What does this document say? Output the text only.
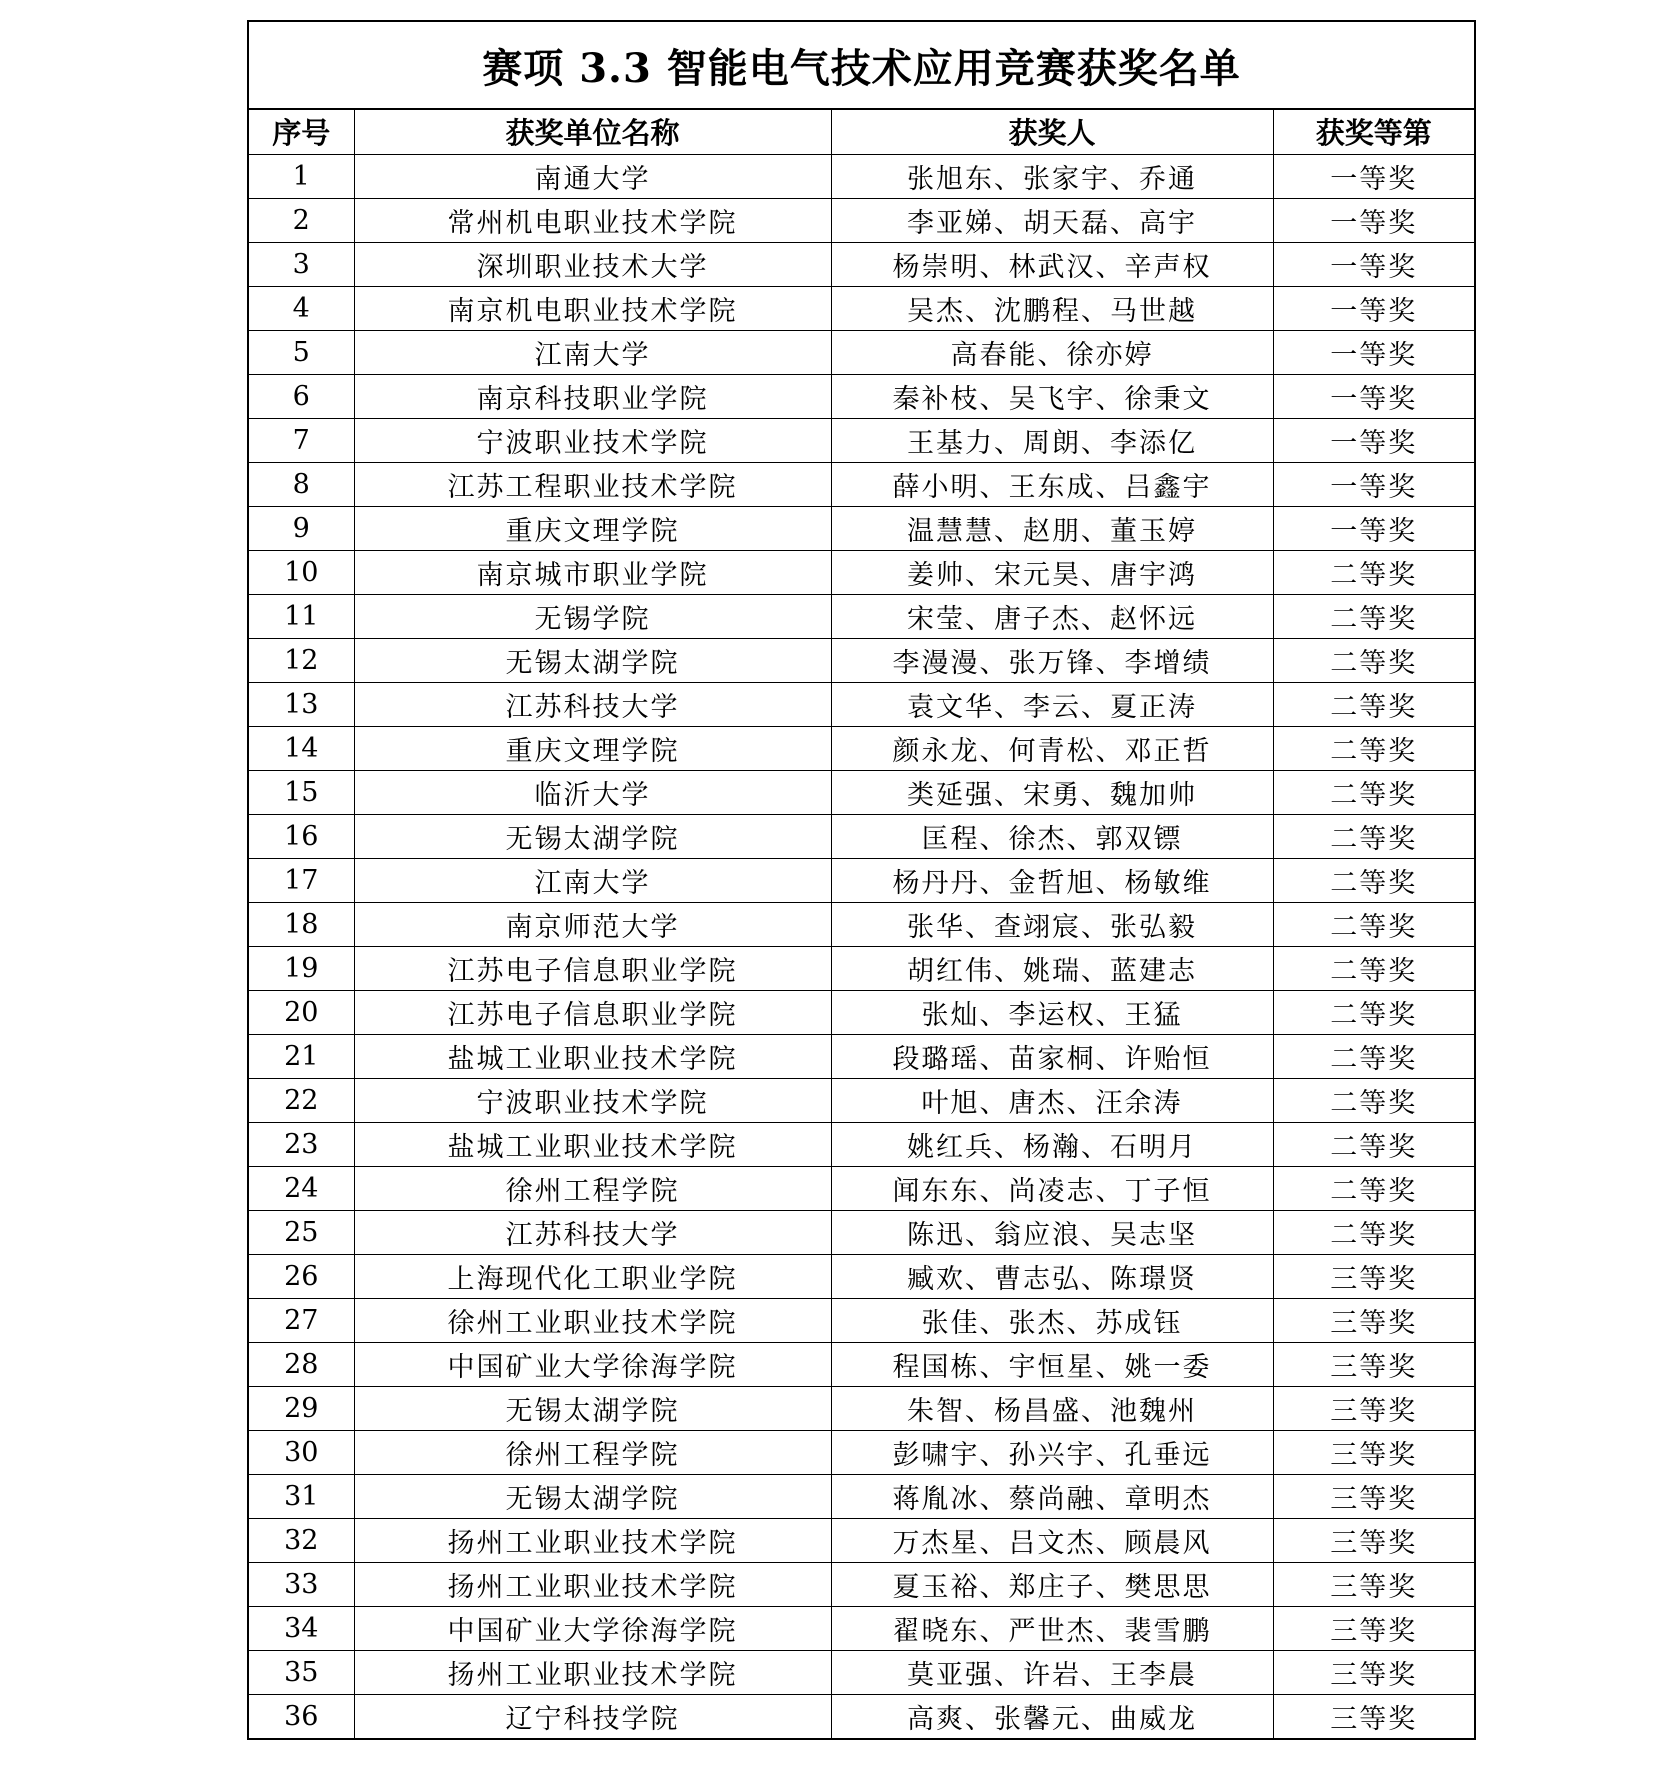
赛项 3.3 智能电气技术应用竞赛获奖名单
序号	获奖单位名称	获奖人	获奖等第
1	南通大学	张旭东、张家宇、乔通	一等奖
2	常州机电职业技术学院	李亚娣、胡天磊、高宇	一等奖
3	深圳职业技术大学	杨崇明、林武汉、辛声权	一等奖
4	南京机电职业技术学院	吴杰、沈鹏程、马世越	一等奖
5	江南大学	高春能、徐亦婷	一等奖
6	南京科技职业学院	秦补枝、吴飞宇、徐秉文	一等奖
7	宁波职业技术学院	王基力、周朗、李添亿	一等奖
8	江苏工程职业技术学院	薛小明、王东成、吕鑫宇	一等奖
9	重庆文理学院	温慧慧、赵朋、董玉婷	一等奖
10	南京城市职业学院	姜帅、宋元昊、唐宇鸿	二等奖
11	无锡学院	宋莹、唐子杰、赵怀远	二等奖
12	无锡太湖学院	李漫漫、张万锋、李增绩	二等奖
13	江苏科技大学	袁文华、李云、夏正涛	二等奖
14	重庆文理学院	颜永龙、何青松、邓正哲	二等奖
15	临沂大学	类延强、宋勇、魏加帅	二等奖
16	无锡太湖学院	匡程、徐杰、郭双镖	二等奖
17	江南大学	杨丹丹、金哲旭、杨敏维	二等奖
18	南京师范大学	张华、查翊宸、张弘毅	二等奖
19	江苏电子信息职业学院	胡红伟、姚瑞、蓝建志	二等奖
20	江苏电子信息职业学院	张灿、李运权、王猛	二等奖
21	盐城工业职业技术学院	段璐瑶、苗家桐、许贻恒	二等奖
22	宁波职业技术学院	叶旭、唐杰、汪余涛	二等奖
23	盐城工业职业技术学院	姚红兵、杨瀚、石明月	二等奖
24	徐州工程学院	闻东东、尚凌志、丁子恒	二等奖
25	江苏科技大学	陈迅、翁应浪、吴志坚	二等奖
26	上海现代化工职业学院	臧欢、曹志弘、陈璟贤	三等奖
27	徐州工业职业技术学院	张佳、张杰、苏成钰	三等奖
28	中国矿业大学徐海学院	程国栋、宇恒星、姚一委	三等奖
29	无锡太湖学院	朱智、杨昌盛、池魏州	三等奖
30	徐州工程学院	彭啸宇、孙兴宇、孔垂远	三等奖
31	无锡太湖学院	蒋胤冰、蔡尚融、章明杰	三等奖
32	扬州工业职业技术学院	万杰星、吕文杰、顾晨风	三等奖
33	扬州工业职业技术学院	夏玉裕、郑庄子、樊思思	三等奖
34	中国矿业大学徐海学院	翟晓东、严世杰、裴雪鹏	三等奖
35	扬州工业职业技术学院	莫亚强、许岩、王李晨	三等奖
36	辽宁科技学院	高爽、张馨元、曲威龙	三等奖
